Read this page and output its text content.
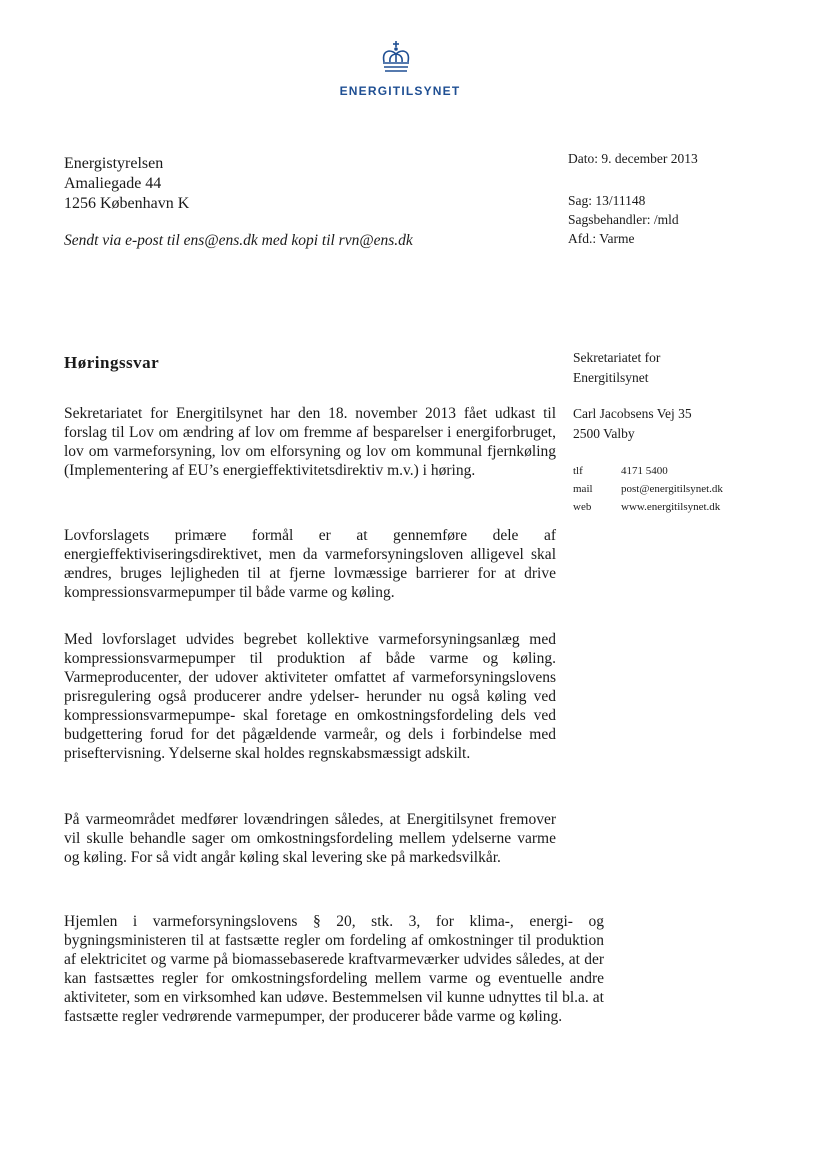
ENERGITILSYNET
Energistyrelsen
Amaliegade 44
1256 København K
Sendt via e-post til ens@ens.dk med kopi til rvn@ens.dk
Dato: 9. december 2013
Sag: 13/11148
Sagsbehandler: /mld
Afd.: Varme
Høringssvar	Sekretariatet for
Energitilsynet
Carl Jacobsens Vej 35
2500 Valby
tlf	4171 5400
mail	post@energitilsynet.dk
web	www.energitilsynet.dk
Sekretariatet for Energitilsynet har den 18. november 2013 fået udkast til forslag til Lov om ændring af lov om fremme af besparelser i energiforbruget, lov om varmeforsyning, lov om elforsyning og lov om kommunal fjernkøling (Implementering af EU’s energieffektivitetsdirektiv m.v.) i høring.
Lovforslagets primære formål er at gennemføre dele af energieffektiviseringsdirektivet, men da varmeforsyningsloven alligevel skal ændres, bruges lejligheden til at fjerne lovmæssige barrierer for at drive kompressionsvarmepumper til både varme og køling.
Med lovforslaget udvides begrebet kollektive varmeforsyningsanlæg med kompressionsvarmepumper til produktion af både varme og køling. Varmeproducenter, der udover aktiviteter omfattet af varmeforsyningslovens prisregulering også producerer andre ydelser- herunder nu også køling ved kompressionsvarmepumpe- skal foretage en omkostningsfordeling dels ved budgettering forud for det pågældende varmeår, og dels i forbindelse med priseftervisning. Ydelserne skal holdes regnskabsmæssigt adskilt.
På varmeområdet medfører lovændringen således, at Energitilsynet fremover vil skulle behandle sager om omkostningsfordeling mellem ydelserne varme og køling. For så vidt angår køling skal levering ske på markedsvilkår.
Hjemlen i varmeforsyningslovens § 20, stk. 3, for klima-, energi- og bygningsministeren til at fastsætte regler om fordeling af omkostninger til produktion af elektricitet og varme på biomassebaserede kraftvarmeværker udvides således, at der kan fastsættes regler for omkostningsfordeling mellem varme og eventuelle andre aktiviteter, som en virksomhed kan udøve. Bestemmelsen vil kunne udnyttes til bl.a. at fastsætte regler vedrørende varmepumper, der producerer både varme og køling.
